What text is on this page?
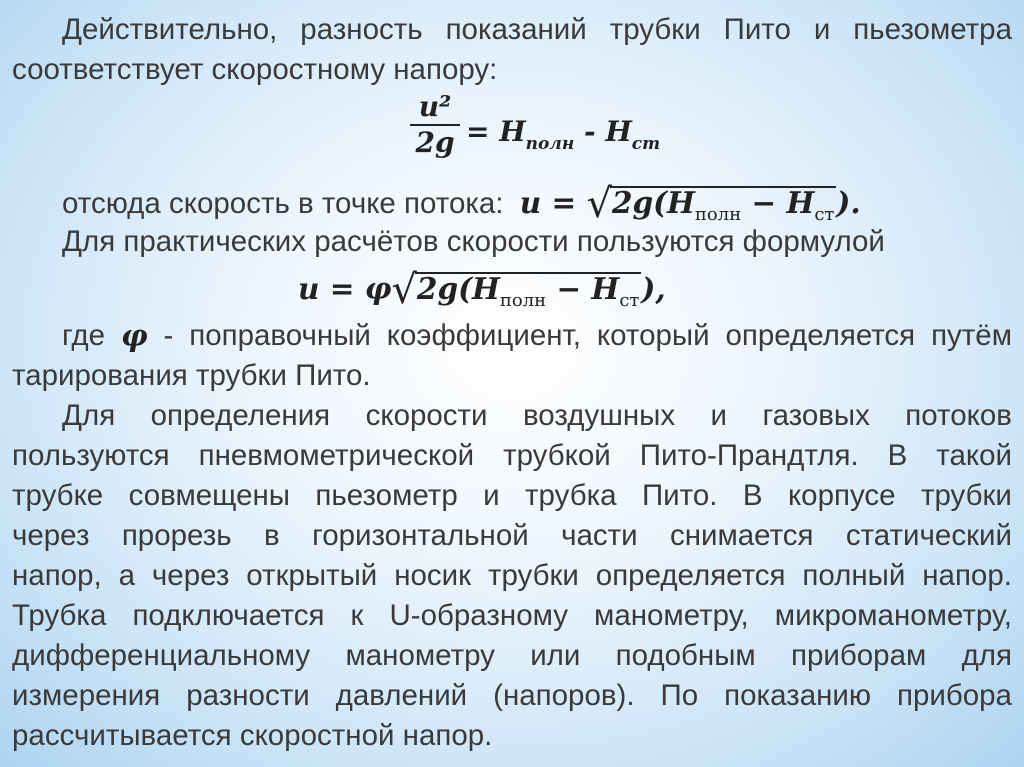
Действительно, разность показаний трубки Пито и пьезометра
соответствует скоростному напору:
u²
$2g = H_{полн} - H_{ст}$
отсюда скорость в точке потока: $u = √2g(H_{полн} - H_{ст})$.
Для практических расчётов скорости пользуются формулой
$u = \varphi√2g(H_{полн} - H_{ст})$,
где φ - поправочный коэффициент, который определяется путём
тарирования трубки Пито.
Для определения скорости воздушных и газовых потоков
пользуются пневмометрической трубкой Пито-Прандтля. В такой
трубке совмещены пьезометр и трубка Пито. В корпусе трубки
через прорезь в горизонтальной части снимается статический
напор, а через открытый носик трубки определяется полный напор.
Трубка подключается к U-образному манометру, микроманометру,
дифференциальному манометру или подобным приборам для
измерения разности давлений (напоров). По показанию прибора
рассчитывается скоростной напор.
